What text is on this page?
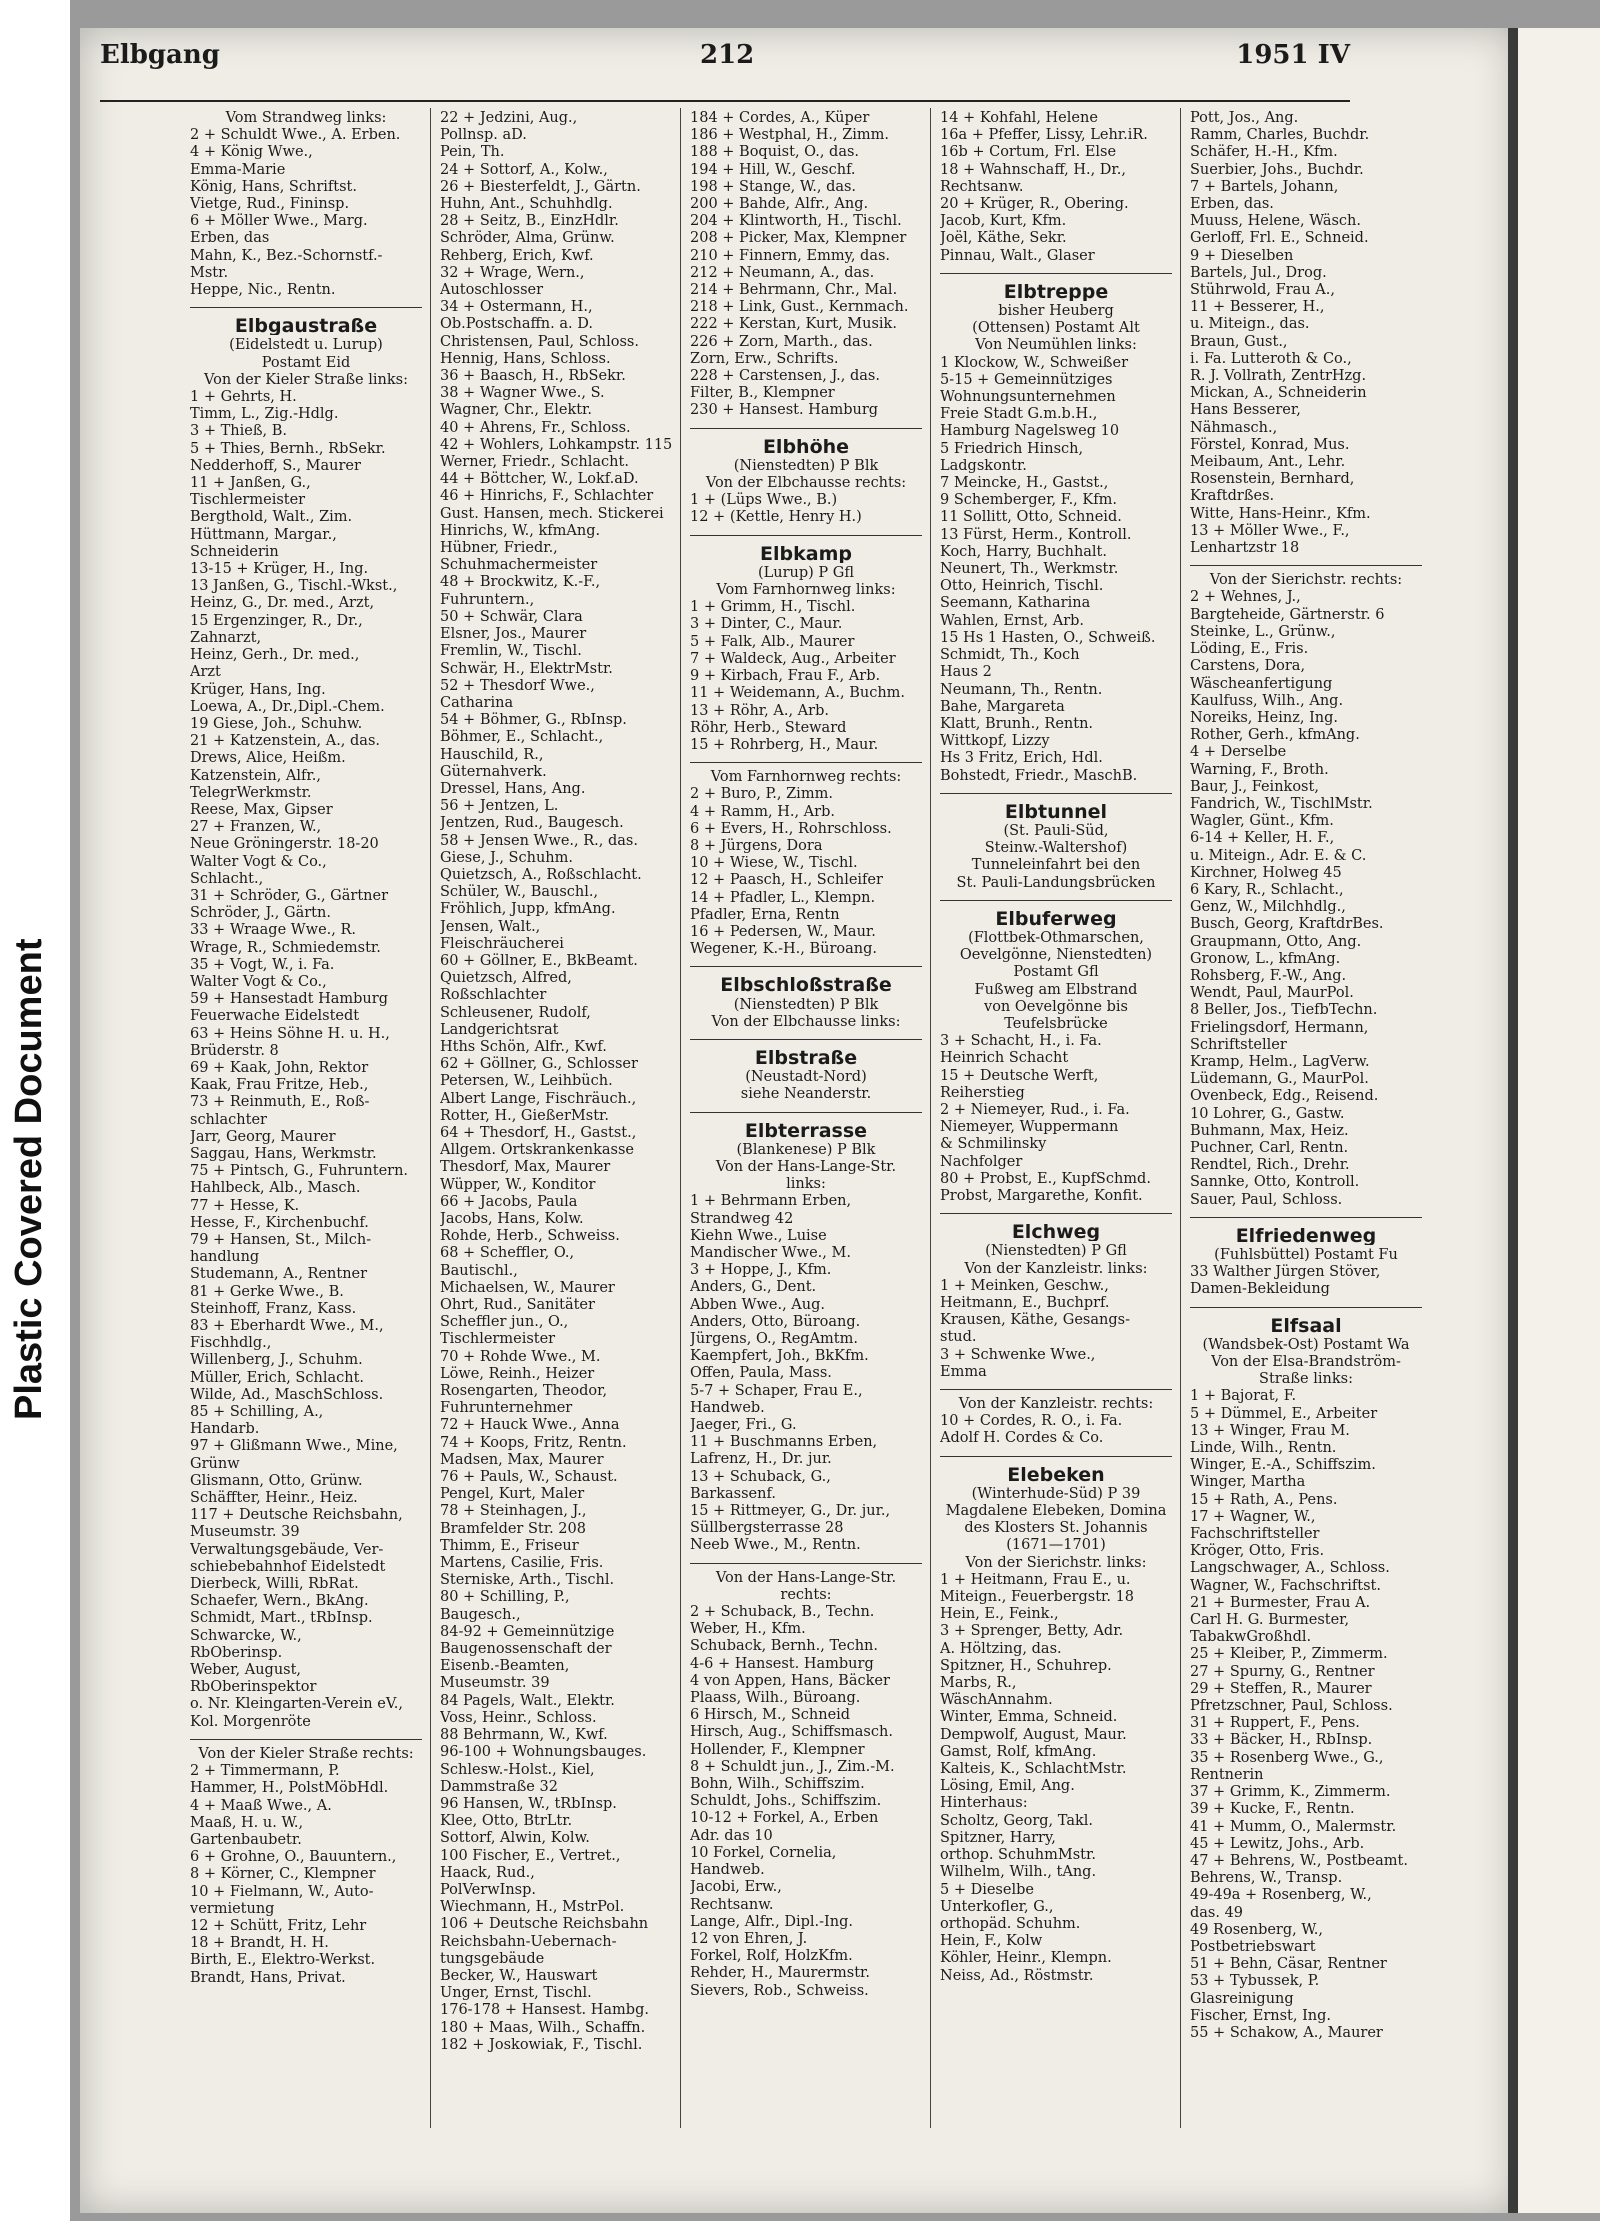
Plastic Covered Document
Elbgang	212	1951 IV

Vom Strandweg links:

2 + Schuldt Wwe., A. Erben.

4 + König Wwe.,

Emma-Marie

König, Hans, Schriftst.

Vietge, Rud., Fininsp.

6 + Möller Wwe., Marg.

Erben, das

Mahn, K., Bez.-Schornstf.-

Mstr.

Heppe, Nic., Rentn.

Elbgaustraße

(Eidelstedt u. Lurup)

Postamt Eid

Von der Kieler Straße links:

1 + Gehrts, H.

Timm, L., Zig.-Hdlg.

3 + Thieß, B.

5 + Thies, Bernh., RbSekr.

Nedderhoff, S., Maurer

11 + Janßen, G.,

Tischlermeister

Bergthold, Walt., Zim.

Hüttmann, Margar.,

Schneiderin

13-15 + Krüger, H., Ing.

13 Janßen, G., Tischl.-Wkst.,

Heinz, G., Dr. med., Arzt,

15 Ergenzinger, R., Dr.,

Zahnarzt,

Heinz, Gerh., Dr. med.,

Arzt

Krüger, Hans, Ing.

Loewa, A., Dr.,Dipl.-Chem.

19 Giese, Joh., Schuhw.

21 + Katzenstein, A., das.

Drews, Alice, Heißm.

Katzenstein, Alfr.,

TelegrWerkmstr.

Reese, Max, Gipser

27 + Franzen, W.,

Neue Gröningerstr. 18-20

Walter Vogt & Co.,

Schlacht.,

31 + Schröder, G., Gärtner

Schröder, J., Gärtn.

33 + Wraage Wwe., R.

Wrage, R., Schmiedemstr.

35 + Vogt, W., i. Fa.

Walter Vogt & Co.,

59 + Hansestadt Hamburg

Feuerwache Eidelstedt

63 + Heins Söhne H. u. H.,

Brüderstr. 8

69 + Kaak, John, Rektor

Kaak, Frau Fritze, Heb.,

73 + Reinmuth, E., Roß-

schlachter

Jarr, Georg, Maurer

Saggau, Hans, Werkmstr.

75 + Pintsch, G., Fuhruntern.

Hahlbeck, Alb., Masch.

77 + Hesse, K.

Hesse, F., Kirchenbuchf.

79 + Hansen, St., Milch-

handlung

Studemann, A., Rentner

81 + Gerke Wwe., B.

Steinhoff, Franz, Kass.

83 + Eberhardt Wwe., M.,

Fischhdlg.,

Willenberg, J., Schuhm.

Müller, Erich, Schlacht.

Wilde, Ad., MaschSchloss.

85 + Schilling, A.,

Handarb.

97 + Glißmann Wwe., Mine,

Grünw

Glismann, Otto, Grünw.

Schäffter, Heinr., Heiz.

117 + Deutsche Reichsbahn,

Museumstr. 39

Verwaltungsgebäude, Ver-

schiebebahnhof Eidelstedt

Dierbeck, Willi, RbRat.

Schaefer, Wern., BkAng.

Schmidt, Mart., tRbInsp.

Schwarcke, W.,

RbOberinsp.

Weber, August,

RbOberinspektor

o. Nr. Kleingarten-Verein eV.,

Kol. Morgenröte

Von der Kieler Straße rechts:

2 + Timmermann, P.

Hammer, H., PolstMöbHdl.

4 + Maaß Wwe., A.

Maaß, H. u. W.,

Gartenbaubetr.

6 + Grohne, O., Bauuntern.,

8 + Körner, C., Klempner

10 + Fielmann, W., Auto-

vermietung

12 + Schütt, Fritz, Lehr

18 + Brandt, H. H.

Birth, E., Elektro-Werkst.

Brandt, Hans, Privat.

22 + Jedzini, Aug.,

Pollnsp. aD.

Pein, Th.

24 + Sottorf, A., Kolw.,

26 + Biesterfeldt, J., Gärtn.

Huhn, Ant., Schuhhdlg.

28 + Seitz, B., EinzHdlr.

Schröder, Alma, Grünw.

Rehberg, Erich, Kwf.

32 + Wrage, Wern.,

Autoschlosser

34 + Ostermann, H.,

Ob.Postschaffn. a. D.

Christensen, Paul, Schloss.

Hennig, Hans, Schloss.

36 + Baasch, H., RbSekr.

38 + Wagner Wwe., S.

Wagner, Chr., Elektr.

40 + Ahrens, Fr., Schloss.

42 + Wohlers, Lohkampstr. 115

Werner, Friedr., Schlacht.

44 + Böttcher, W., Lokf.aD.

46 + Hinrichs, F., Schlachter

Gust. Hansen, mech. Stickerei

Hinrichs, W., kfmAng.

Hübner, Friedr.,

Schuhmachermeister

48 + Brockwitz, K.-F.,

Fuhruntern.,

50 + Schwär, Clara

Elsner, Jos., Maurer

Fremlin, W., Tischl.

Schwär, H., ElektrMstr.

52 + Thesdorf Wwe.,

Catharina

54 + Böhmer, G., RbInsp.

Böhmer, E., Schlacht.,

Hauschild, R.,

Güternahverk.

Dressel, Hans, Ang.

56 + Jentzen, L.

Jentzen, Rud., Baugesch.

58 + Jensen Wwe., R., das.

Giese, J., Schuhm.

Quietzsch, A., Roßschlacht.

Schüler, W., Bauschl.,

Fröhlich, Jupp, kfmAng.

Jensen, Walt.,

Fleischräucherei

60 + Göllner, E., BkBeamt.

Quietzsch, Alfred,

Roßschlachter

Schleusener, Rudolf,

Landgerichtsrat

Hths Schön, Alfr., Kwf.

62 + Göllner, G., Schlosser

Petersen, W., Leihbüch.

Albert Lange, Fischräuch.,

Rotter, H., GießerMstr.

64 + Thesdorf, H., Gastst.,

Allgem. Ortskrankenkasse

Thesdorf, Max, Maurer

Wüpper, W., Konditor

66 + Jacobs, Paula

Jacobs, Hans, Kolw.

Rohde, Herb., Schweiss.

68 + Scheffler, O.,

Bautischl.,

Michaelsen, W., Maurer

Ohrt, Rud., Sanitäter

Scheffler jun., O.,

Tischlermeister

70 + Rohde Wwe., M.

Löwe, Reinh., Heizer

Rosengarten, Theodor,

Fuhrunternehmer

72 + Hauck Wwe., Anna

74 + Koops, Fritz, Rentn.

Madsen, Max, Maurer

76 + Pauls, W., Schaust.

Pengel, Kurt, Maler

78 + Steinhagen, J.,

Bramfelder Str. 208

Thimm, E., Friseur

Martens, Casilie, Fris.

Sterniske, Arth., Tischl.

80 + Schilling, P.,

Baugesch.,

84-92 + Gemeinnützige

Baugenossenschaft der

Eisenb.-Beamten,

Museumstr. 39

84 Pagels, Walt., Elektr.

Voss, Heinr., Schloss.

88 Behrmann, W., Kwf.

96-100 + Wohnungsbauges.

Schlesw.-Holst., Kiel,

Dammstraße 32

96 Hansen, W., tRbInsp.

Klee, Otto, BtrLtr.

Sottorf, Alwin, Kolw.

100 Fischer, E., Vertret.,

Haack, Rud.,

PolVerwInsp.

Wiechmann, H., MstrPol.

106 + Deutsche Reichsbahn

Reichsbahn-Uebernach-

tungsgebäude

Becker, W., Hauswart

Unger, Ernst, Tischl.

176-178 + Hansest. Hambg.

180 + Maas, Wilh., Schaffn.

182 + Joskowiak, F., Tischl.

184 + Cordes, A., Küper

186 + Westphal, H., Zimm.

188 + Boquist, O., das.

194 + Hill, W., Geschf.

198 + Stange, W., das.

200 + Bahde, Alfr., Ang.

204 + Klintworth, H., Tischl.

208 + Picker, Max, Klempner

210 + Finnern, Emmy, das.

212 + Neumann, A., das.

214 + Behrmann, Chr., Mal.

218 + Link, Gust., Kernmach.

222 + Kerstan, Kurt, Musik.

226 + Zorn, Marth., das.

Zorn, Erw., Schrifts.

228 + Carstensen, J., das.

Filter, B., Klempner

230 + Hansest. Hamburg

Elbhöhe

(Nienstedten) P Blk

Von der Elbchausse rechts:

1 + (Lüps Wwe., B.)

12 + (Kettle, Henry H.)

Elbkamp

(Lurup) P Gfl

Vom Farnhornweg links:

1 + Grimm, H., Tischl.

3 + Dinter, C., Maur.

5 + Falk, Alb., Maurer

7 + Waldeck, Aug., Arbeiter

9 + Kirbach, Frau F., Arb.

11 + Weidemann, A., Buchm.

13 + Röhr, A., Arb.

Röhr, Herb., Steward

15 + Rohrberg, H., Maur.

Vom Farnhornweg rechts:

2 + Buro, P., Zimm.

4 + Ramm, H., Arb.

6 + Evers, H., Rohrschloss.

8 + Jürgens, Dora

10 + Wiese, W., Tischl.

12 + Paasch, H., Schleifer

14 + Pfadler, L., Klempn.

Pfadler, Erna, Rentn

16 + Pedersen, W., Maur.

Wegener, K.-H., Büroang.

Elbschloßstraße

(Nienstedten) P Blk

Von der Elbchausse links:

Elbstraße

(Neustadt-Nord)

siehe Neanderstr.

Elbterrasse

(Blankenese) P Blk

Von der Hans-Lange-Str.

links:

1 + Behrmann Erben,

Strandweg 42

Kiehn Wwe., Luise

Mandischer Wwe., M.

3 + Hoppe, J., Kfm.

Anders, G., Dent.

Abben Wwe., Aug.

Anders, Otto, Büroang.

Jürgens, O., RegAmtm.

Kaempfert, Joh., BkKfm.

Offen, Paula, Mass.

5-7 + Schaper, Frau E.,

Handweb.

Jaeger, Fri., G.

11 + Buschmanns Erben,

Lafrenz, H., Dr. jur.

13 + Schuback, G.,

Barkassenf.

15 + Rittmeyer, G., Dr. jur.,

Süllbergsterrasse 28

Neeb Wwe., M., Rentn.

Von der Hans-Lange-Str.

rechts:

2 + Schuback, B., Techn.

Weber, H., Kfm.

Schuback, Bernh., Techn.

4-6 + Hansest. Hamburg

4 von Appen, Hans, Bäcker

Plaass, Wilh., Büroang.

6 Hirsch, M., Schneid

Hirsch, Aug., Schiffsmasch.

Hollender, F., Klempner

8 + Schuldt jun., J., Zim.-M.

Bohn, Wilh., Schiffszim.

Schuldt, Johs., Schiffszim.

10-12 + Forkel, A., Erben

Adr. das 10

10 Forkel, Cornelia,

Handweb.

Jacobi, Erw.,

Rechtsanw.

Lange, Alfr., Dipl.-Ing.

12 von Ehren, J.

Forkel, Rolf, HolzKfm.

Rehder, H., Maurermstr.

Sievers, Rob., Schweiss.

14 + Kohfahl, Helene

16a + Pfeffer, Lissy, Lehr.iR.

16b + Cortum, Frl. Else

18 + Wahnschaff, H., Dr.,

Rechtsanw.

20 + Krüger, R., Obering.

Jacob, Kurt, Kfm.

Joël, Käthe, Sekr.

Pinnau, Walt., Glaser

Elbtreppe

bisher Heuberg

(Ottensen) Postamt Alt

Von Neumühlen links:

1 Klockow, W., Schweißer

5-15 + Gemeinnütziges

Wohnungsunternehmen

Freie Stadt G.m.b.H.,

Hamburg Nagelsweg 10

5 Friedrich Hinsch,

Ladgskontr.

7 Meincke, H., Gastst.,

9 Schemberger, F., Kfm.

11 Sollitt, Otto, Schneid.

13 Fürst, Herm., Kontroll.

Koch, Harry, Buchhalt.

Neunert, Th., Werkmstr.

Otto, Heinrich, Tischl.

Seemann, Katharina

Wahlen, Ernst, Arb.

15 Hs 1 Hasten, O., Schweiß.

Schmidt, Th., Koch

Haus 2

Neumann, Th., Rentn.

Bahe, Margareta

Klatt, Brunh., Rentn.

Wittkopf, Lizzy

Hs 3 Fritz, Erich, Hdl.

Bohstedt, Friedr., MaschB.

Elbtunnel

(St. Pauli-Süd,

Steinw.-Waltershof)

Tunneleinfahrt bei den

St. Pauli-Landungsbrücken

Elbuferweg

(Flottbek-Othmarschen,

Oevelgönne, Nienstedten)

Postamt Gfl

Fußweg am Elbstrand

von Oevelgönne bis

Teufelsbrücke

3 + Schacht, H., i. Fa.

Heinrich Schacht

15 + Deutsche Werft,

Reiherstieg

2 + Niemeyer, Rud., i. Fa.

Niemeyer, Wuppermann

& Schmilinsky

Nachfolger

80 + Probst, E., KupfSchmd.

Probst, Margarethe, Konfit.

Elchweg

(Nienstedten) P Gfl

Von der Kanzleistr. links:

1 + Meinken, Geschw.,

Heitmann, E., Buchprf.

Krausen, Käthe, Gesangs-

stud.

3 + Schwenke Wwe.,

Emma

Von der Kanzleistr. rechts:

10 + Cordes, R. O., i. Fa.

Adolf H. Cordes & Co.

Elebeken

(Winterhude-Süd) P 39

Magdalene Elebeken, Domina

des Klosters St. Johannis

(1671—1701)

Von der Sierichstr. links:

1 + Heitmann, Frau E., u.

Miteign., Feuerbergstr. 18

Hein, E., Feink.,

3 + Sprenger, Betty, Adr.

A. Höltzing, das.

Spitzner, H., Schuhrep.

Marbs, R.,

WäschAnnahm.

Winter, Emma, Schneid.

Dempwolf, August, Maur.

Gamst, Rolf, kfmAng.

Kalteis, K., SchlachtMstr.

Lösing, Emil, Ang.

Hinterhaus:

Scholtz, Georg, Takl.

Spitzner, Harry,

orthop. SchuhmMstr.

Wilhelm, Wilh., tAng.

5 + Dieselbe

Unterkofler, G.,

orthopäd. Schuhm.

Hein, F., Kolw

Köhler, Heinr., Klempn.

Neiss, Ad., Röstmstr.

Pott, Jos., Ang.

Ramm, Charles, Buchdr.

Schäfer, H.-H., Kfm.

Suerbier, Johs., Buchdr.

7 + Bartels, Johann,

Erben, das.

Muuss, Helene, Wäsch.

Gerloff, Frl. E., Schneid.

9 + Dieselben

Bartels, Jul., Drog.

Stührwold, Frau A.,

11 + Besserer, H.,

u. Miteign., das.

Braun, Gust.,

i. Fa. Lutteroth & Co.,

R. J. Vollrath, ZentrHzg.

Mickan, A., Schneiderin

Hans Besserer,

Nähmasch.,

Förstel, Konrad, Mus.

Meibaum, Ant., Lehr.

Rosenstein, Bernhard,

Kraftdrßes.

Witte, Hans-Heinr., Kfm.

13 + Möller Wwe., F.,

Lenhartzstr 18

Von der Sierichstr. rechts:

2 + Wehnes, J.,

Bargteheide, Gärtnerstr. 6

Steinke, L., Grünw.,

Löding, E., Fris.

Carstens, Dora,

Wäscheanfertigung

Kaulfuss, Wilh., Ang.

Noreiks, Heinz, Ing.

Rother, Gerh., kfmAng.

4 + Derselbe

Warning, F., Broth.

Baur, J., Feinkost,

Fandrich, W., TischlMstr.

Wagler, Günt., Kfm.

6-14 + Keller, H. F.,

u. Miteign., Adr. E. & C.

Kirchner, Holweg 45

6 Kary, R., Schlacht.,

Genz, W., Milchhdlg.,

Busch, Georg, KraftdrBes.

Graupmann, Otto, Ang.

Gronow, L., kfmAng.

Rohsberg, F.-W., Ang.

Wendt, Paul, MaurPol.

8 Beller, Jos., TiefbTechn.

Frielingsdorf, Hermann,

Schriftsteller

Kramp, Helm., LagVerw.

Lüdemann, G., MaurPol.

Ovenbeck, Edg., Reisend.

10 Lohrer, G., Gastw.

Buhmann, Max, Heiz.

Puchner, Carl, Rentn.

Rendtel, Rich., Drehr.

Sannke, Otto, Kontroll.

Sauer, Paul, Schloss.

Elfriedenweg

(Fuhlsbüttel) Postamt Fu

33 Walther Jürgen Stöver,

Damen-Bekleidung

Elfsaal

(Wandsbek-Ost) Postamt Wa

Von der Elsa-Brandström-

Straße links:

1 + Bajorat, F.

5 + Dümmel, E., Arbeiter

13 + Winger, Frau M.

Linde, Wilh., Rentn.

Winger, E.-A., Schiffszim.

Winger, Martha

15 + Rath, A., Pens.

17 + Wagner, W.,

Fachschriftsteller

Kröger, Otto, Fris.

Langschwager, A., Schloss.

Wagner, W., Fachschriftst.

21 + Burmester, Frau A.

Carl H. G. Burmester,

TabakwGroßhdl.

25 + Kleiber, P., Zimmerm.

27 + Spurny, G., Rentner

29 + Steffen, R., Maurer

Pfretzschner, Paul, Schloss.

31 + Ruppert, F., Pens.

33 + Bäcker, H., RbInsp.

35 + Rosenberg Wwe., G.,

Rentnerin

37 + Grimm, K., Zimmerm.

39 + Kucke, F., Rentn.

41 + Mumm, O., Malermstr.

45 + Lewitz, Johs., Arb.

47 + Behrens, W., Postbeamt.

Behrens, W., Transp.

49-49a + Rosenberg, W.,

das. 49

49 Rosenberg, W.,

Postbetriebswart

51 + Behn, Cäsar, Rentner

53 + Tybussek, P.

Glasreinigung

Fischer, Ernst, Ing.

55 + Schakow, A., Maurer
